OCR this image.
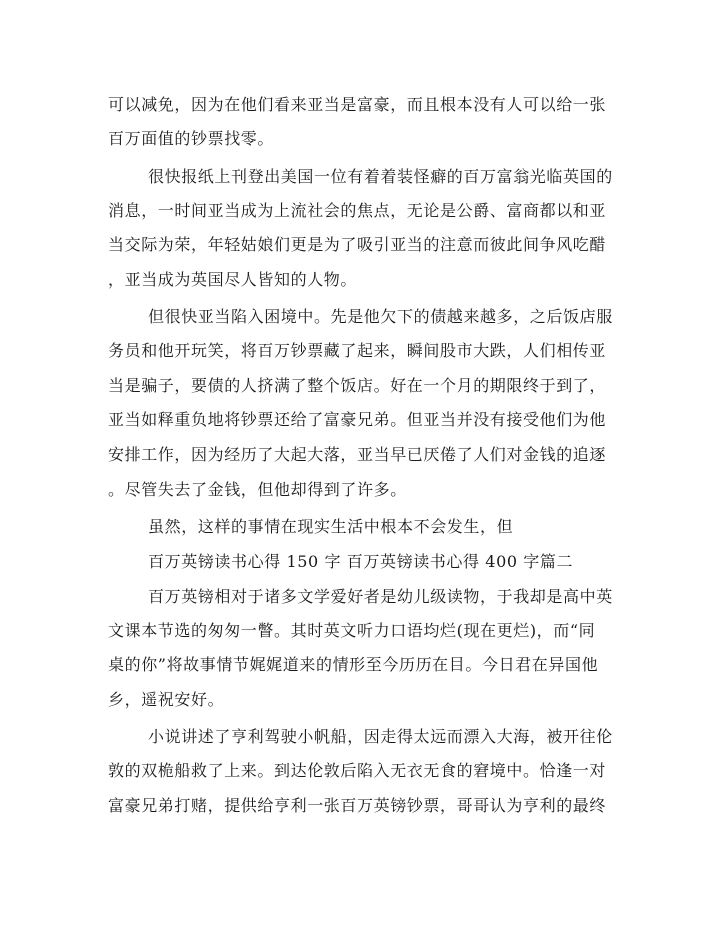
可以减免，因为在他们看来亚当是富豪，而且根本没有人可以给一张
百万面值的钞票找零。
很快报纸上刊登出美国一位有着着装怪癖的百万富翁光临英国的
消息，一时间亚当成为上流社会的焦点，无论是公爵、富商都以和亚
当交际为荣，年轻姑娘们更是为了吸引亚当的注意而彼此间争风吃醋
，亚当成为英国尽人皆知的人物。
但很快亚当陷入困境中。先是他欠下的债越来越多，之后饭店服
务员和他开玩笑，将百万钞票藏了起来，瞬间股市大跌，人们相传亚
当是骗子，要债的人挤满了整个饭店。好在一个月的期限终于到了，
亚当如释重负地将钞票还给了富豪兄弟。但亚当并没有接受他们为他
安排工作，因为经历了大起大落，亚当早已厌倦了人们对金钱的追逐
。尽管失去了金钱，但他却得到了许多。
虽然，这样的事情在现实生活中根本不会发生，但
百万英镑读书心得 150 字 百万英镑读书心得 400 字篇二
百万英镑相对于诸多文学爱好者是幼儿级读物，于我却是高中英
文课本节选的匆匆一瞥。其时英文听力口语均烂(现在更烂)，而“同
桌的你”将故事情节娓娓道来的情形至今历历在目。今日君在异国他
乡，遥祝安好。
小说讲述了亨利驾驶小帆船，因走得太远而漂入大海，被开往伦
敦的双桅船救了上来。到达伦敦后陷入无衣无食的窘境中。恰逢一对
富豪兄弟打赌，提供给亨利一张百万英镑钞票，哥哥认为亨利的最终
